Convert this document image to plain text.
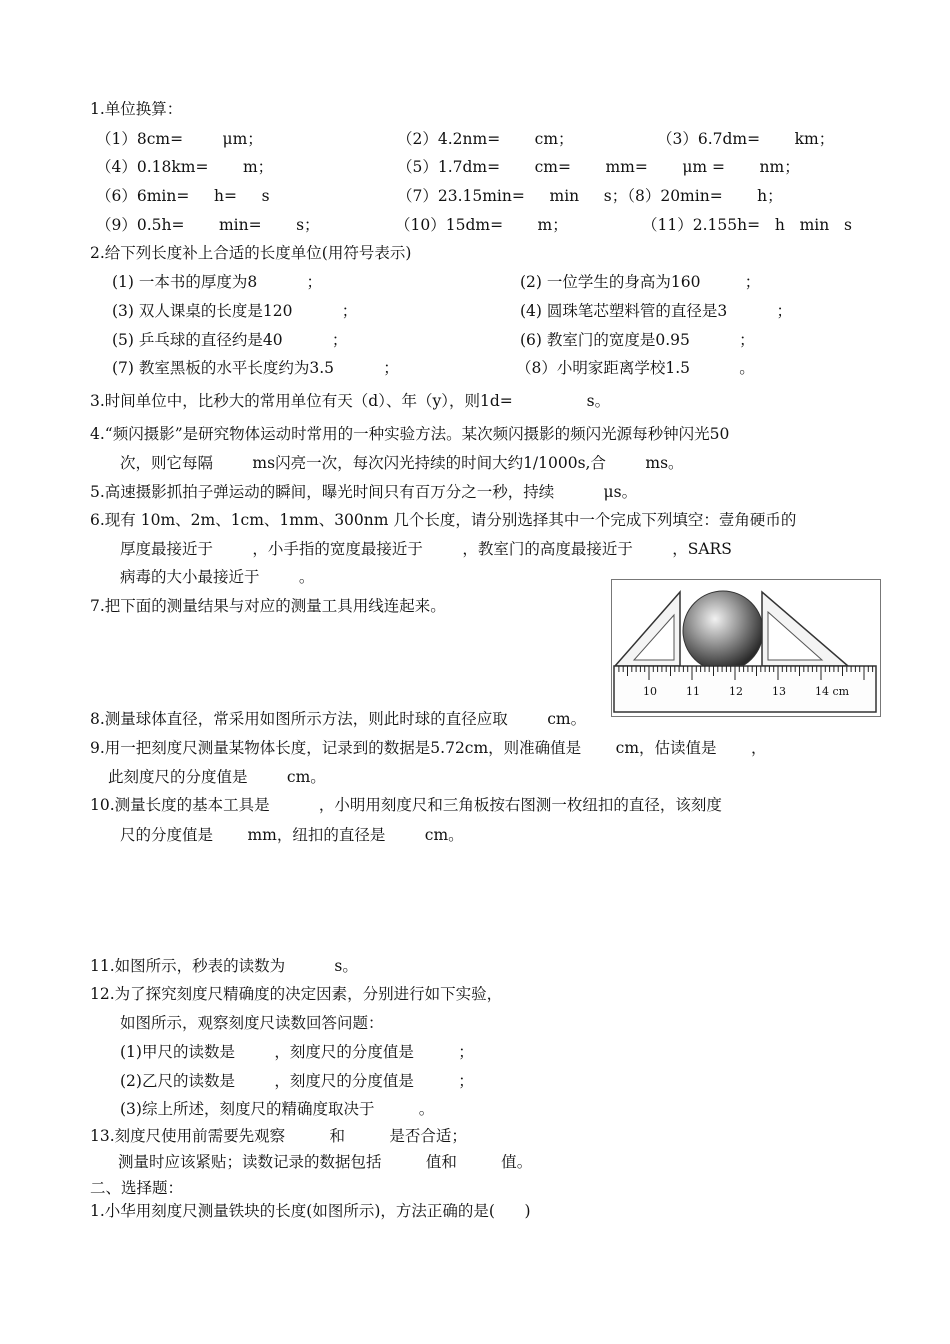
1.单位换算：
（1）8cm=        μm；	（2）4.2nm=       cm；	（3）6.7dm=       km；
（4）0.18km=       m；	（5）1.7dm=       cm=       mm=       μm =       nm；
（6）6min=     h=     s	（7）23.15min=     min     s；（8）20min=       h；
（9）0.5h=       min=       s；	（10）15dm=       m；	（11）2.155h=   h   min   s
2.给下列长度补上合适的长度单位(用符号表示)
(1) 一本书的厚度为8          ；	(2) 一位学生的身高为160         ；
(3) 双人课桌的长度是120          ；	(4) 圆珠笔芯塑料管的直径是3          ；
(5) 乒乓球的直径约是40          ；	(6) 教室门的宽度是0.95          ；
(7) 教室黑板的水平长度约为3.5          ；	（8）小明家距离学校1.5          。
3.时间单位中，比秒大的常用单位有天（d）、年（y），则1d=               s。
4.“频闪摄影”是研究物体运动时常用的一种实验方法。某次频闪摄影的频闪光源每秒钟闪光50
次，则它每隔        ms闪亮一次，每次闪光持续的时间大约1/1000s,合        ms。
5.高速摄影抓拍子弹运动的瞬间，曝光时间只有百万分之一秒，持续          μs。
6.现有 10m、2m、1cm、1mm、300nm 几个长度，请分别选择其中一个完成下列填空：壹角硬币的
厚度最接近于        ，小手指的宽度最接近于        ，教室门的高度最接近于        ，SARS
病毒的大小最接近于        。
7.把下面的测量结果与对应的测量工具用线连起来。
8.测量球体直径，常采用如图所示方法，则此时球的直径应取        cm。
9.用一把刻度尺测量某物体长度，记录到的数据是5.72cm，则准确值是       cm，估读值是       ，
此刻度尺的分度值是        cm。
10.测量长度的基本工具是          ，小明用刻度尺和三角板按右图测一枚纽扣的直径，该刻度
尺的分度值是       mm，纽扣的直径是        cm。
11.如图所示，秒表的读数为          s。
12.为了探究刻度尺精确度的决定因素，分别进行如下实验，
如图所示，观察刻度尺读数回答问题：
(1)甲尺的读数是        ，刻度尺的分度值是         ；
(2)乙尺的读数是        ，刻度尺的分度值是         ；
(3)综上所述，刻度尺的精确度取决于         。
13.刻度尺使用前需要先观察         和         是否合适；
测量时应该紧贴；读数记录的数据包括         值和         值。
二、选择题：
1.小华用刻度尺测量铁块的长度(如图所示)，方法正确的是(      )
10	11	12	13	14 cm
